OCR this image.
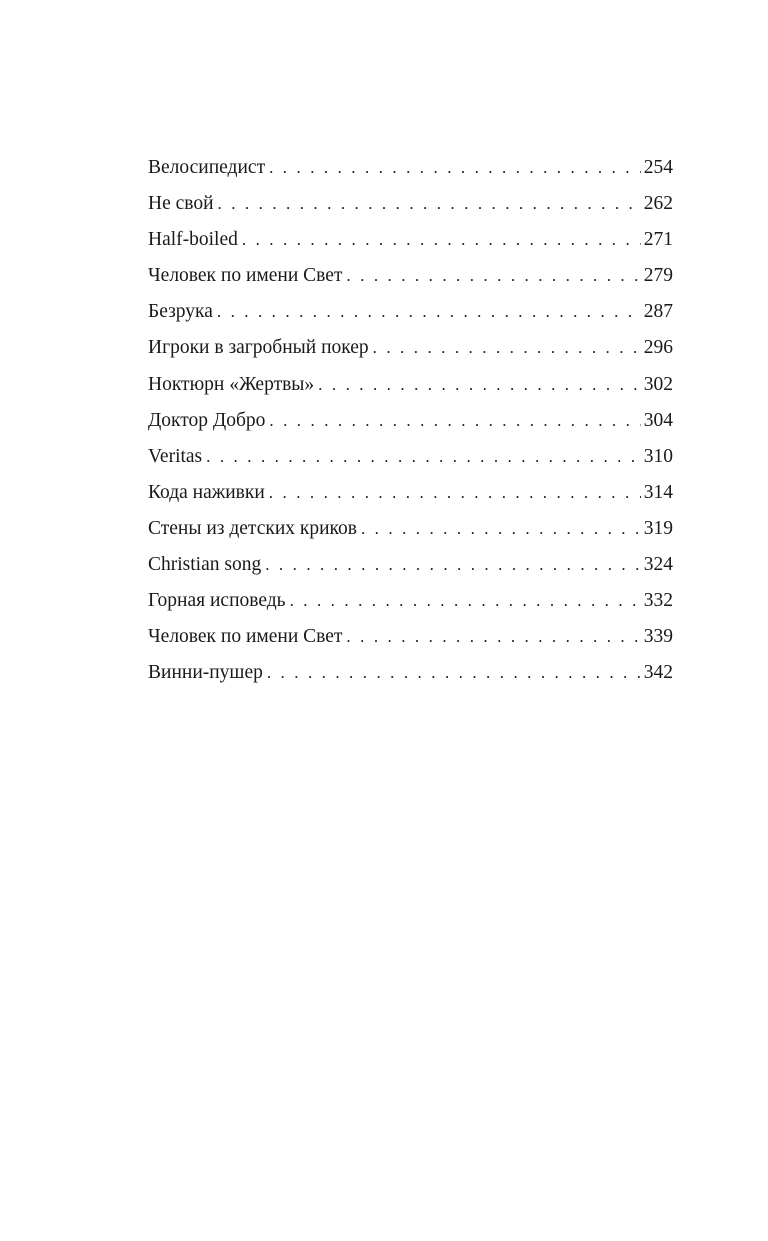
Велосипедист . . .	254
Не свой . . .	262
Half-boiled . . .	271
Человек по имени Свет . . .	279
Безрука . . .	287
Игроки в загробный покер . . .	296
Ноктюрн «Жертвы» . . .	302
Доктор Добро . . .	304
Veritas . . .	310
Кода наживки . . .	314
Стены из детских криков . . .	319
Christian song . . .	324
Горная исповедь . . .	332
Человек по имени Свет . . .	339
Винни-пушер . . .	342
